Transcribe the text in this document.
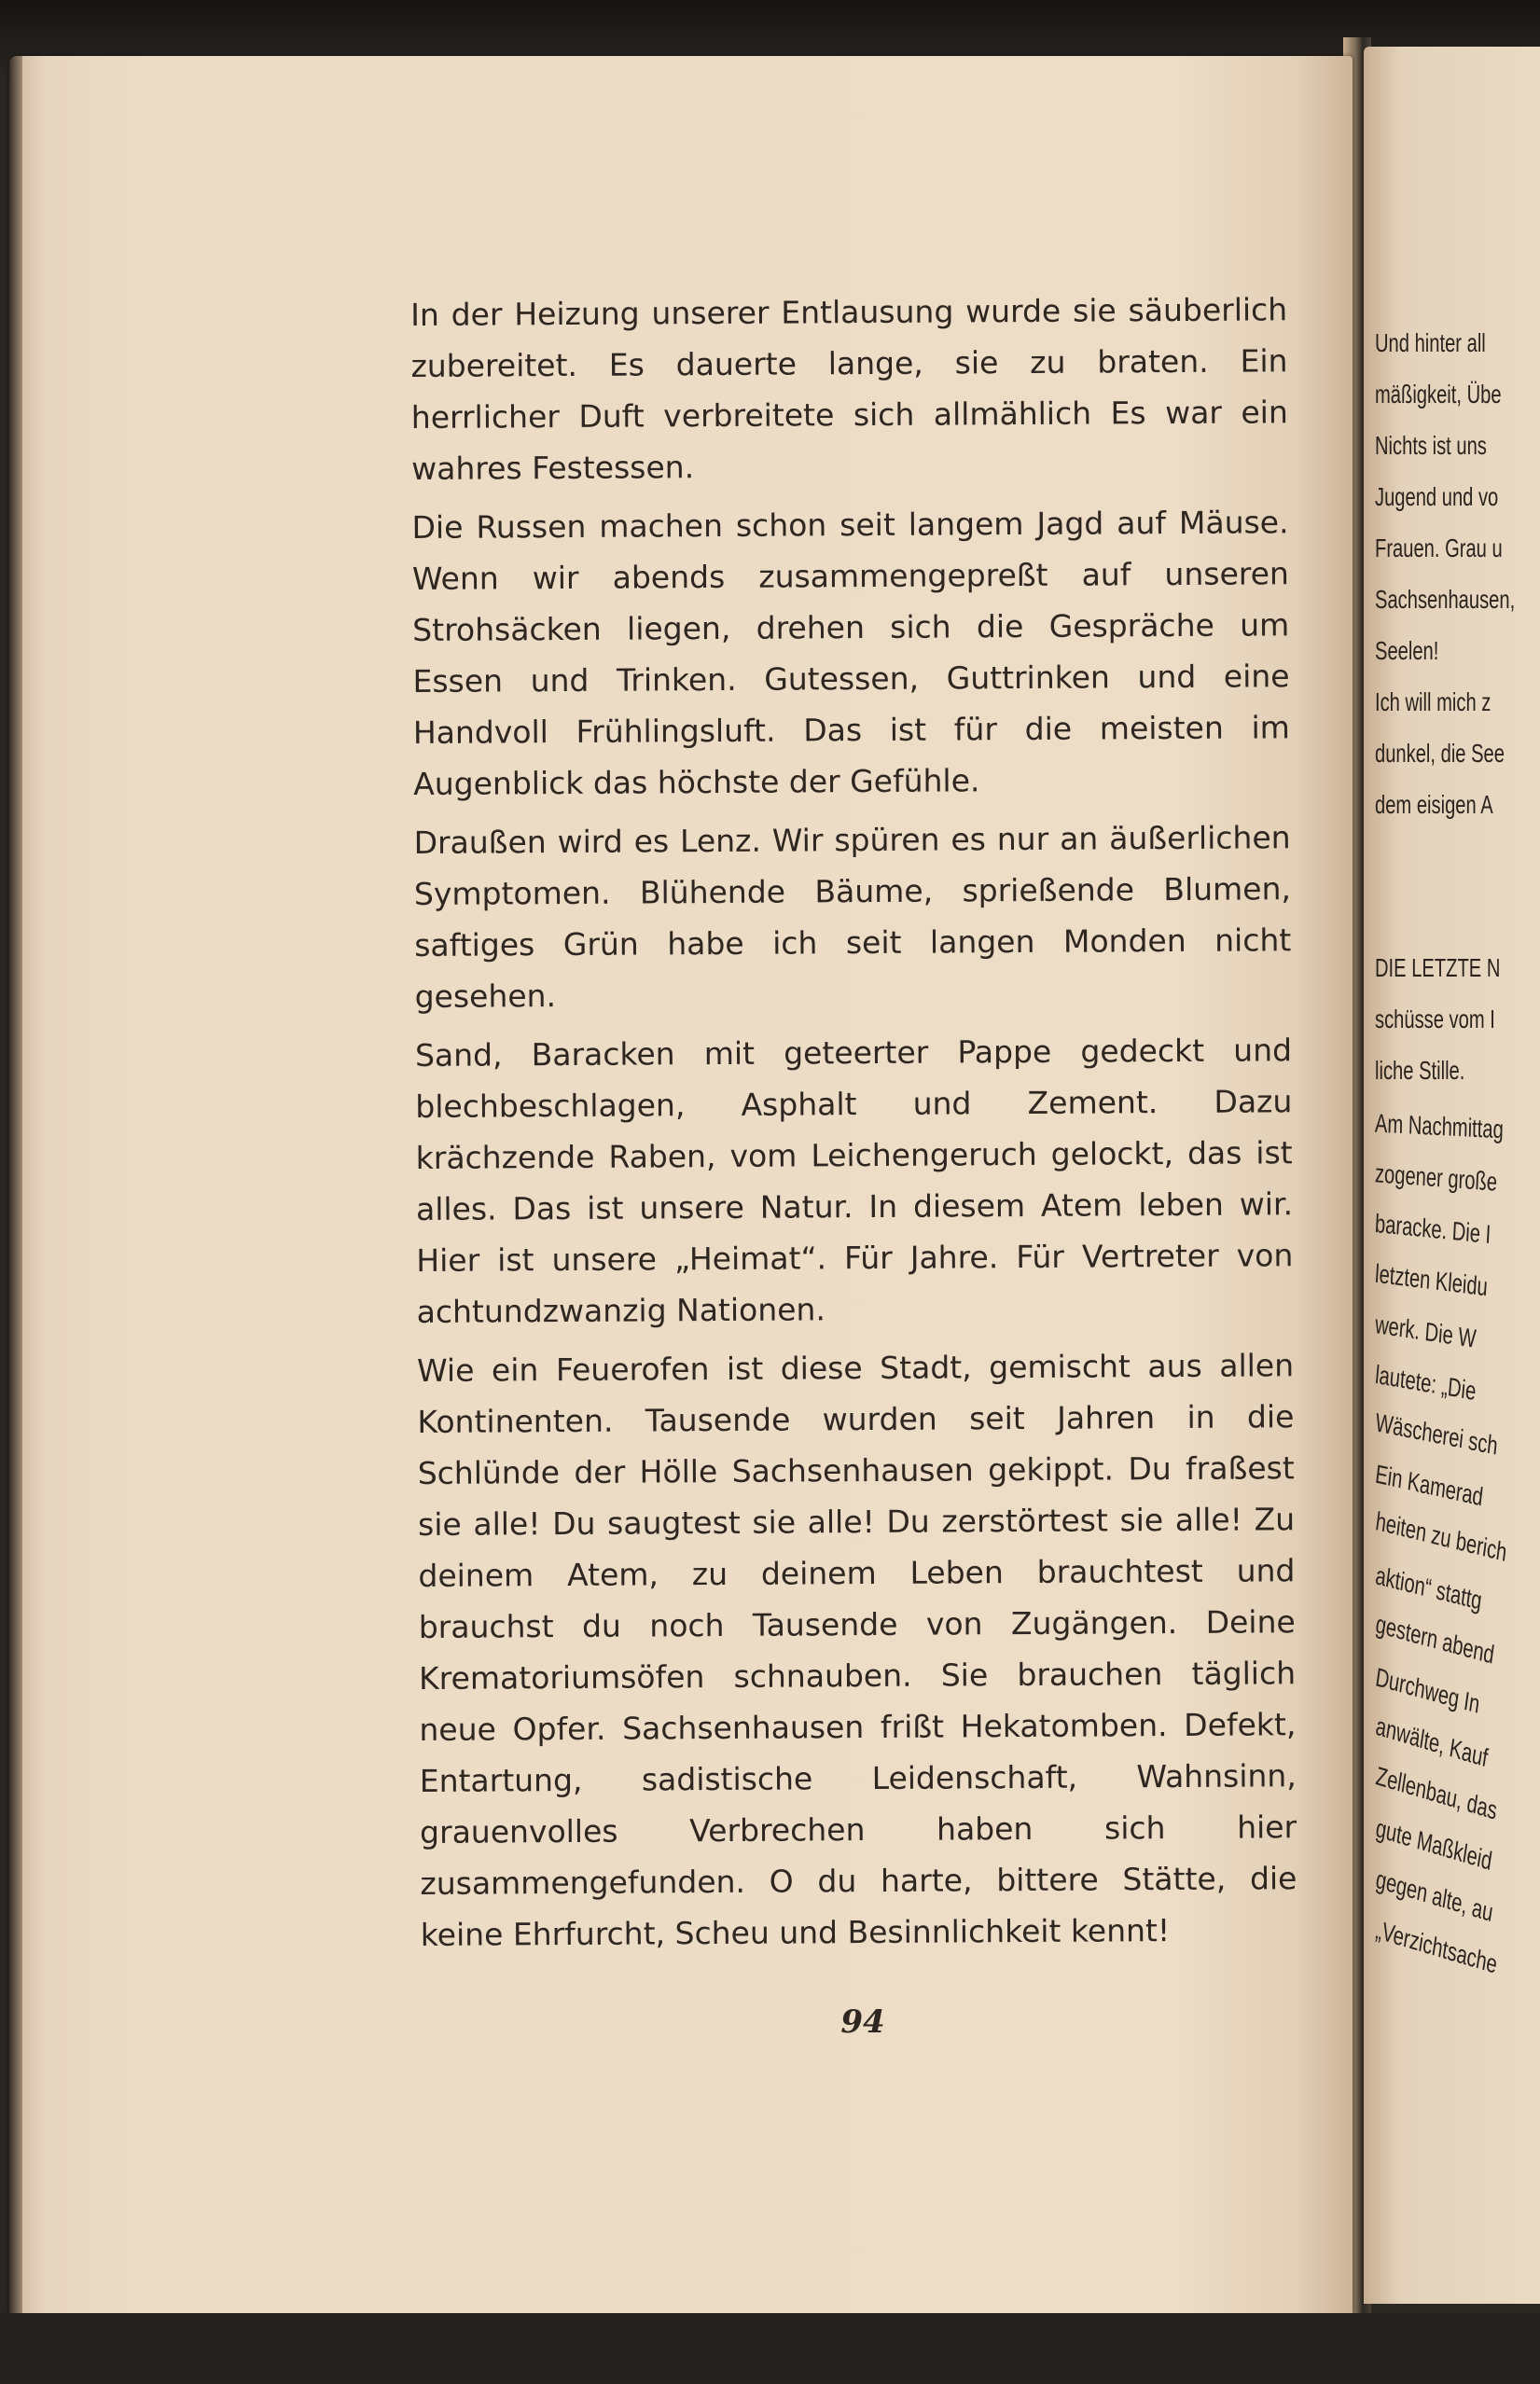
Und hinter all
mäßigkeit, Übe
Nichts ist uns
Jugend und vo
Frauen. Grau u
Sachsenhausen,
Seelen!
Ich will mich z
dunkel, die See
dem eisigen A
DIE LETZTE N
schüsse vom I
liche Stille.
Am Nachmittag
zogener große
baracke. Die I
letzten Kleidu
werk. Die W
lautete: „Die
Wäscherei sch
Ein Kamerad
heiten zu berich
aktion“ stattg
gestern abend
Durchweg In
anwälte, Kauf
Zellenbau, das
gute Maßkleid
gegen alte, au
„Verzichtsache

In der Heizung unserer Entlausung wurde sie säuberlich zubereitet. Es dauerte lange, sie zu braten. Ein herrlicher Duft verbreitete sich allmählich Es war ein wahres Festessen.

Die Russen machen schon seit langem Jagd auf Mäuse. Wenn wir abends zusammengepreßt auf unseren Strohsäcken liegen, drehen sich die Gespräche um Essen und Trinken. Gutessen, Guttrinken und eine Handvoll Frühlingsluft. Das ist für die meisten im Augenblick das höchste der Gefühle.

Draußen wird es Lenz. Wir spüren es nur an äußerlichen Symptomen. Blühende Bäume, sprießende Blumen, saftiges Grün habe ich seit langen Monden nicht gesehen.

Sand, Baracken mit geteerter Pappe gedeckt und blechbeschlagen, Asphalt und Zement. Dazu krächzende Raben, vom Leichengeruch gelockt, das ist alles. Das ist unsere Natur. In diesem Atem leben wir. Hier ist unsere „Heimat“. Für Jahre. Für Vertreter von achtundzwanzig Nationen.

Wie ein Feuerofen ist diese Stadt, gemischt aus allen Kontinenten. Tausende wurden seit Jahren in die Schlünde der Hölle Sachsenhausen gekippt. Du fraßest sie alle! Du saugtest sie alle! Du zerstörtest sie alle! Zu deinem Atem, zu deinem Leben brauchtest und brauchst du noch Tausende von Zugängen. Deine Krematoriumsöfen schnauben. Sie brauchen täglich neue Opfer. Sachsenhausen frißt Hekatomben. Defekt, Entartung, sadistische Leidenschaft, Wahnsinn, grauenvolles Verbrechen haben sich hier zusammengefunden. O du harte, bittere Stätte, die keine Ehrfurcht, Scheu und Besinnlichkeit kennt!

94
